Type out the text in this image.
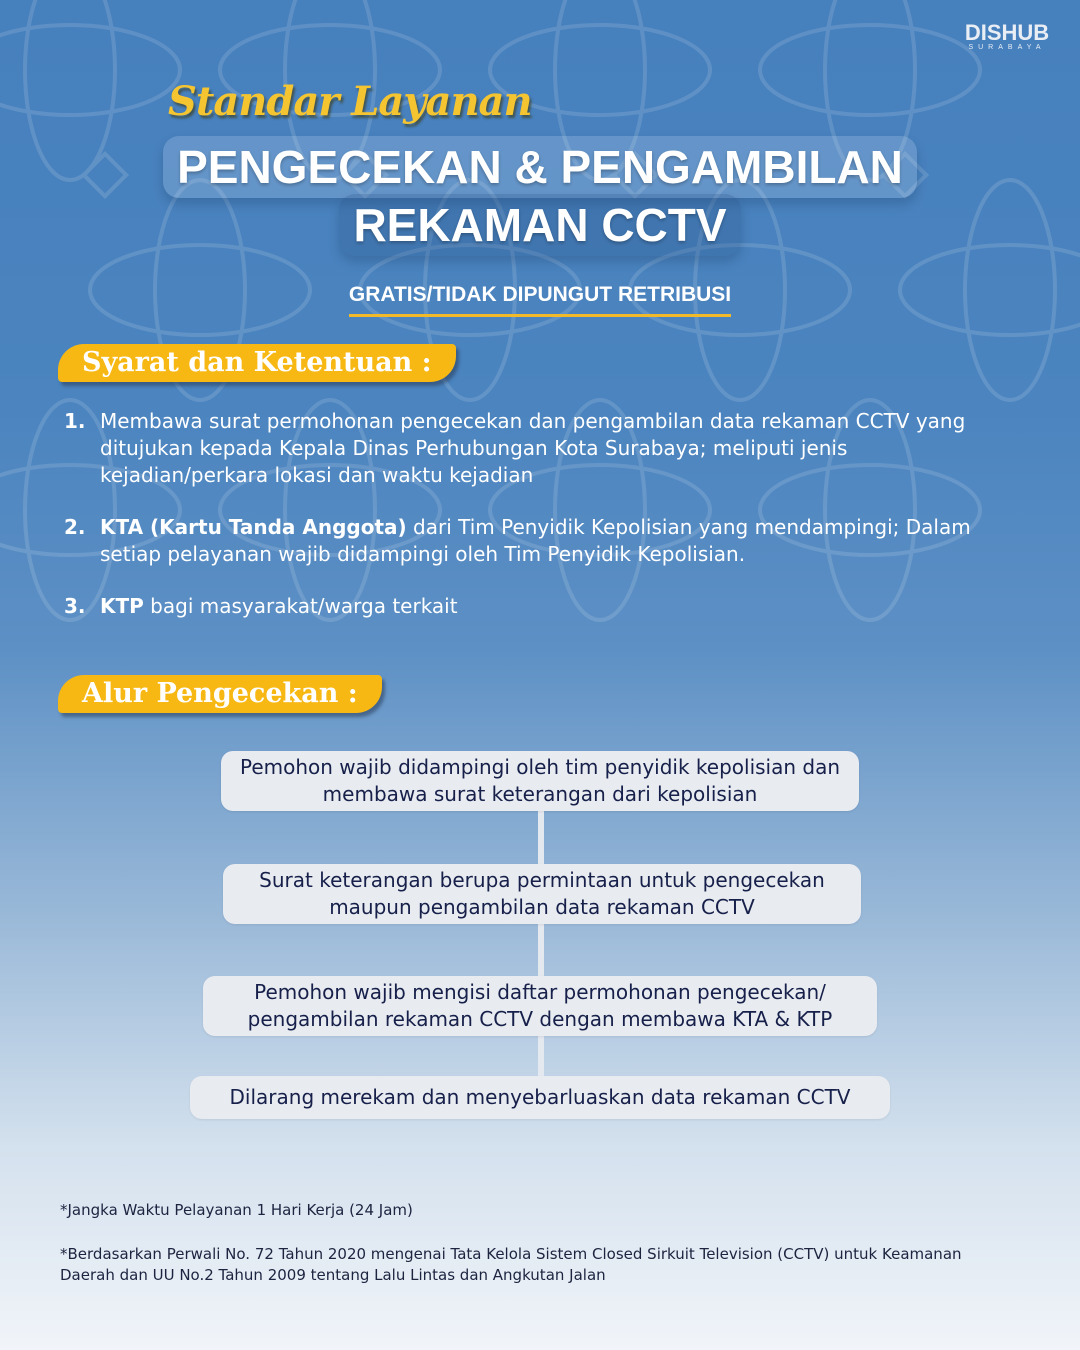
DISHUB
SURABAYA
Standar Layanan
PENGECEKAN & PENGAMBILAN
REKAMAN CCTV
GRATIS/TIDAK DIPUNGUT RETRIBUSI
Syarat dan Ketentuan :
1. Membawa surat permohonan pengecekan dan pengambilan data rekaman CCTV yang ditujukan kepada Kepala Dinas Perhubungan Kota Surabaya; meliputi jenis kejadian/perkara lokasi dan waktu kejadian
2. KTA (Kartu Tanda Anggota) dari Tim Penyidik Kepolisian yang mendampingi; Dalam setiap pelayanan wajib didampingi oleh Tim Penyidik Kepolisian.
3. KTP bagi masyarakat/warga terkait
Alur Pengecekan :
Pemohon wajib didampingi oleh tim penyidik kepolisian dan membawa surat keterangan dari kepolisian
Surat keterangan berupa permintaan untuk pengecekan maupun pengambilan data rekaman CCTV
Pemohon wajib mengisi daftar permohonan pengecekan/ pengambilan rekaman CCTV dengan membawa KTA & KTP
Dilarang merekam dan menyebarluaskan data rekaman CCTV
*Jangka Waktu Pelayanan 1 Hari Kerja (24 Jam)
*Berdasarkan Perwali No. 72 Tahun 2020 mengenai Tata Kelola Sistem Closed Sirkuit Television (CCTV) untuk Keamanan Daerah dan UU No.2 Tahun 2009 tentang Lalu Lintas dan Angkutan Jalan
